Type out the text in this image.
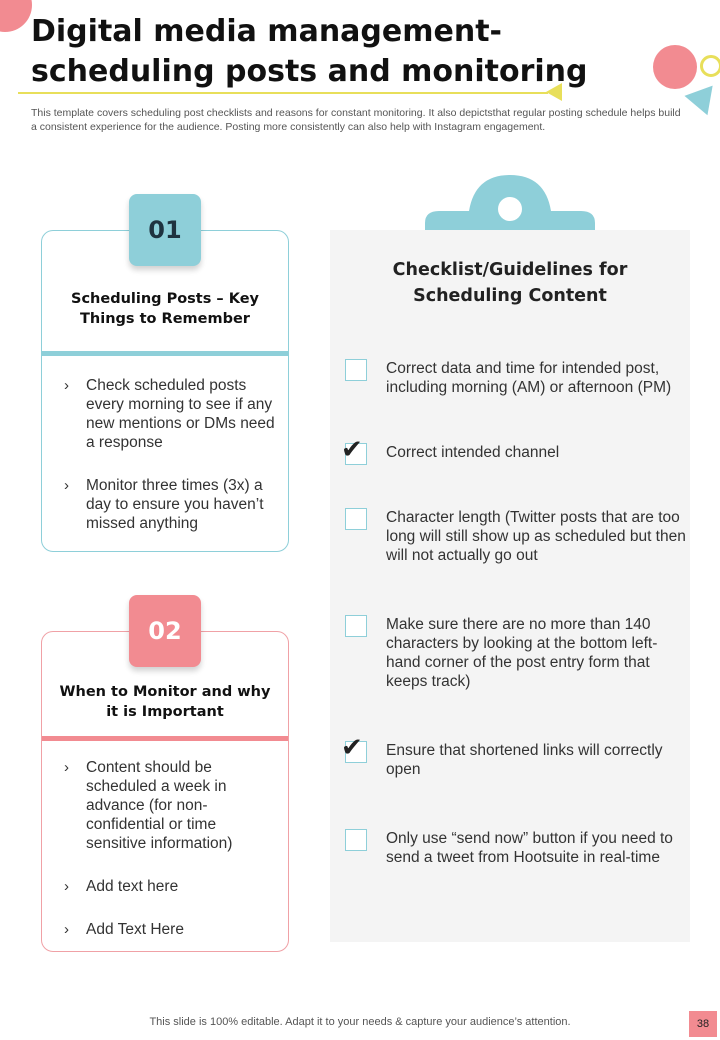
Digital media management-scheduling posts and monitoring

This template covers scheduling post checklists and reasons for constant monitoring. It also depictsthat regular posting schedule helps build a consistent experience for the audience. Posting more consistently can also help with Instagram engagement.

01
Scheduling Posts – Key Things to Remember
› Check scheduled posts every morning to see if any new mentions or DMs need a response
› Monitor three times (3x) a day to ensure you haven’t missed anything
02
When to Monitor and why it is Important
› Content should be scheduled a week in advance (for non-confidential or time sensitive information)
› Add text here
› Add Text Here
Checklist/Guidelines for Scheduling Content
Correct data and time for intended post, including morning (AM) or afternoon (PM)
✔ Correct intended channel
Character length (Twitter posts that are too long will still show up as scheduled but then will not actually go out
Make sure there are no more than 140 characters by looking at the bottom left-hand corner of the post entry form that keeps track)
✔ Ensure that shortened links will correctly open
Only use “send now” button if you need to send a tweet from Hootsuite in real-time
This slide is 100% editable. Adapt it to your needs & capture your audience’s attention.	38
